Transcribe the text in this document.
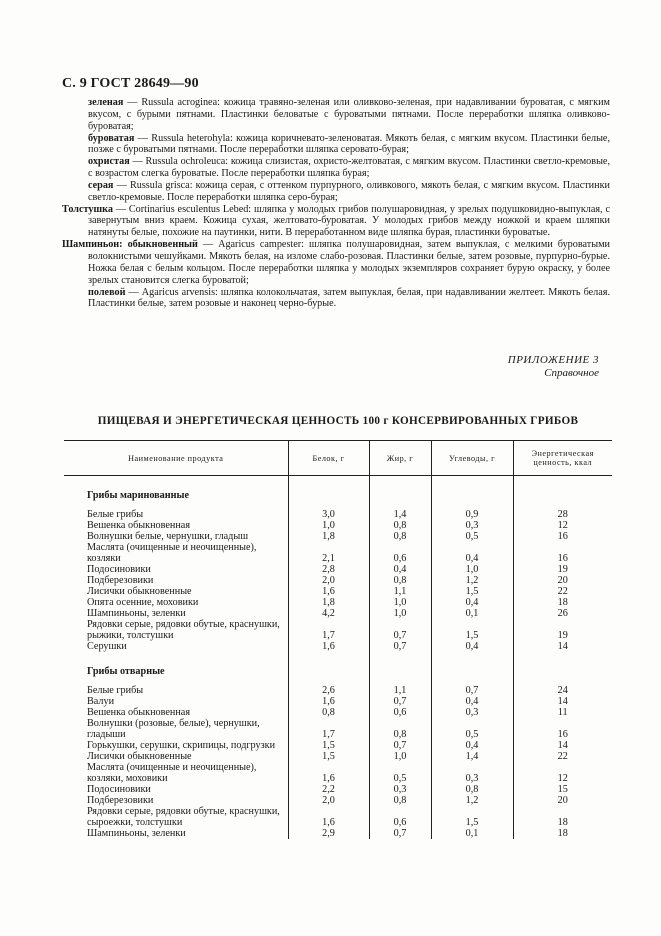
С. 9 ГОСТ 28649—90

зеленая — Russula acroginea: кожица травяно-зеленая или оливково-зеленая, при надавливании буроватая, с мягким вкусом, с бурыми пятнами. Пластинки беловатые с буроватыми пятнами. После переработки шляпка оливково-буроватая;

буроватая — Russula heterohyla: кожица коричневато-зеленоватая. Мякоть белая, с мягким вкусом. Пластинки белые, позже с буроватыми пятнами. После переработки шляпка серовато-бурая;

охристая — Russula ochroleuca: кожица слизистая, охристо-желтоватая, с мягким вкусом. Пластинки светло-кремовые, с возрастом слегка буроватые. После переработки шляпка бурая;

серая — Russula grisca: кожица серая, с оттенком пурпурного, оливкового, мякоть белая, с мягким вкусом. Пластинки светло-кремовые. После переработки шляпка серо-бурая;

Толстушка — Cortinarius esculentus Lebed: шляпка у молодых грибов полушаровидная, у зрелых подушковидно-выпуклая, с завернутым вниз краем. Кожица сухая, желтовато-буроватая. У молодых грибов между ножкой и краем шляпки натянуты белые, похожие на паутинки, нити. В переработанном виде шляпка бурая, пластинки буроватые.

Шампиньон: обыкновенный — Agaricus campester: шляпка полушаровидная, затем выпуклая, с мелкими буроватыми волокнистыми чешуйками. Мякоть белая, на изломе слабо-розовая. Пластинки белые, затем розовые, пурпурно-бурые. Ножка белая с белым кольцом. После переработки шляпка у молодых экземпляров сохраняет бурую окраску, у более зрелых становится слегка буроватой;

полевой — Agaricus arvensis: шляпка колокольчатая, затем выпуклая, белая, при надавливании желтеет. Мякоть белая. Пластинки белые, затем розовые и наконец черно-бурые.

ПРИЛОЖЕНИЕ 3
Справочное
ПИЩЕВАЯ И ЭНЕРГЕТИЧЕСКАЯ ЦЕННОСТЬ 100 г КОНСЕРВИРОВАННЫХ ГРИБОВ
Наименование продукта	Белок, г	Жир, г	Углеводы, г	Энергетическая ценность, ккал
Грибы маринованные				
Белые грибы	3,0	1,4	0,9	28
Вешенка обыкновенная	1,0	0,8	0,3	12
Волнушки белые, чернушки, гладыш	1,8	0,8	0,5	16
Маслята (очищенные и неочищенные), козляки	2,1	0,6	0,4	16
Подосиновики	2,8	0,4	1,0	19
Подберезовики	2,0	0,8	1,2	20
Лисички обыкновенные	1,6	1,1	1,5	22
Опята осенние, моховики	1,8	1,0	0,4	18
Шампиньоны, зеленки	4,2	1,0	0,1	26
Рядовки серые, рядовки обутые, краснушки, рыжики, толстушки	1,7	0,7	1,5	19
Серушки	1,6	0,7	0,4	14
Грибы отварные				
Белые грибы	2,6	1,1	0,7	24
Валуи	1,6	0,7	0,4	14
Вешенка обыкновенная	0,8	0,6	0,3	11
Волнушки (розовые, белые), чернушки, гладыши	1,7	0,8	0,5	16
Горькушки, серушки, скрипицы, подгрузки	1,5	0,7	0,4	14
Лисички обыкновенные	1,5	1,0	1,4	22
Маслята (очищенные и неочищенные), козляки, моховики	1,6	0,5	0,3	12
Подосиновики	2,2	0,3	0,8	15
Подберезовики	2,0	0,8	1,2	20
Рядовки серые, рядовки обутые, краснушки, сыроежки, толстушки	1,6	0,6	1,5	18
Шампиньоны, зеленки	2,9	0,7	0,1	18
